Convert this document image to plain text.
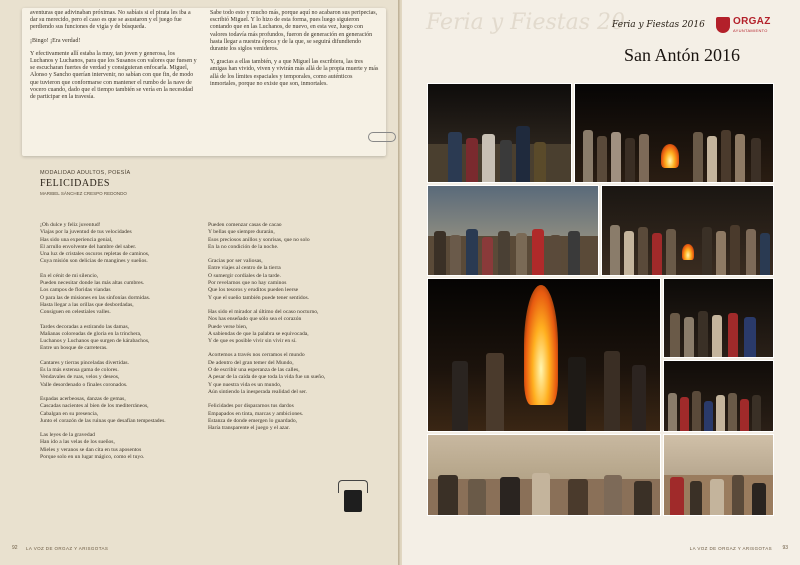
aventuras que adivinaban próximas. No sabíais si el pirata les iba a dar su merecido, pero el caso es que se asustaron y el juego fue perdiendo sus funciones de vigía y de búsqueda.

¡Bingo! ¡Era verdad!

Y efectivamente allí estaba la muy, tan joven y generosa, los Luchanos y Luchanos, para que los Susanos con valores que fuesen y se escucharan fuertes de verdad y consiguieran enfocarla. Miguel, Alonso y Sancho querían intervenir, no sabían con que fin, de modo que tuvieron que conformarse con mantener el rumbo de la nave de vocero cuando, dado que el tiempo también se vería en la necesidad de participar en la travesía.

Sabe todo esto y mucho más, porque aquí no acabaron sus peripecias, escribió Miguel. Y lo hizo de esta forma, pues luego siguieron contando que en las Luchanos, de nuevo, en esta vez, luego con valores todavía más profundos, fueron de generación en generación hasta llegar a nuestra época y de la que, se seguirá difundiendo durante los siglos venideros.

Y, gracias a ellas también, y a que Miguel las escribiera, las tres amigas han vivido, viven y vivirán más allá de la propia muerte y más allá de los límites espaciales y temporales, como auténticos inmortales, porque no existe que son, inmortales.

MODALIDAD ADULTOS, POESÍA
FELICIDADES
MARIBEL SÁNCHEZ CRESPO REDONDO
¡Oh dulce y feliz juventud!
Viajas por la juventud de tus velocidades
Has sido una experiencia genial,
El arrullo envolvente del hambre del saber.
Una luz de cristales oscuros repletas de caminos,
Cuya misión son delicias de mangines y sueños.
En el cénit de mi silencio,
Pueden necesitar donde las más altas cumbres.
Los campos de floridas viandas
O para las de misiones en las sinfonías dormidas.
Hasta llegar a las orillas que desbordadas,
Consiguen en celestiales valles.
Tardes decoradas a estirando las damas,
Mañanas coloreadas de gloria en la trinchera,
Luchanos y Luchanos que surgen de kárabachos,
Entre un bosque de carreteras.
Cantares y tierras pinceladas divertidas.
Es la más extensa gama de colores.
Vendavales de ruas, velos y deseos,
Valle desordenado o finales coronados.
Espadas acerbeosas, danzas de gemas,
Cascadas nacientes al bien de los mediterráneos,
Cabalgan en su presencia,
Junto el corazón de las ruinas que desafían tempestades.
Las leyes de la gravedad
Han ido a las velas de los sueños,
Mieles y veranos se dan cita en tus aposentos
Porque solo en un lugar mágico, como el tuyo.
Pueden comenzar casas de cacao
Y bellas que siempre durarán,
Esos preciosos anillos y sonrisas, que no solo
En la no condición de la noche.
Gracias por ser valiosas,
Entre viajes al centro de la tierra
O sumergir cordiales de la tarde.
Por revelarnos que no hay caminos
Que los tesoros y eruditos pueden leerse
Y que el sueño también puede tener sentidos.
Has sido el mirador al último del ocaso nocturno,
Nos has enseñado que sólo sea el corazón
Puede verse bien,
A sabiendas de que la palabra se equivocada,
Y de que es posible vivir sin vivir en sí.
Acortemos a través nos cerramos el mundo
De adentro del gran temer del Mundo,
O de escribir una esperanza de las calles,
A pesar de la caída de que toda la vida fue un sueño,
Y que nuestra vida es un mundo,
Aún sintiendo la inesperada realidad del ser.
Felicidades por dispararnos tus dardos
Empapados en tinta, marcas y ambiciones.
Estanza de donde emergen lo guardado,
Haría transparente el juego y el azar.
92 LA VOZ DE ORGAZ Y ARISGOTAS
Feria y Fiestas 20
Feria y Fiestas 2016	ORGAZ
AYUNTAMIENTO
San Antón 2016
LA VOZ DE ORGAZ Y ARISGOTAS 93
